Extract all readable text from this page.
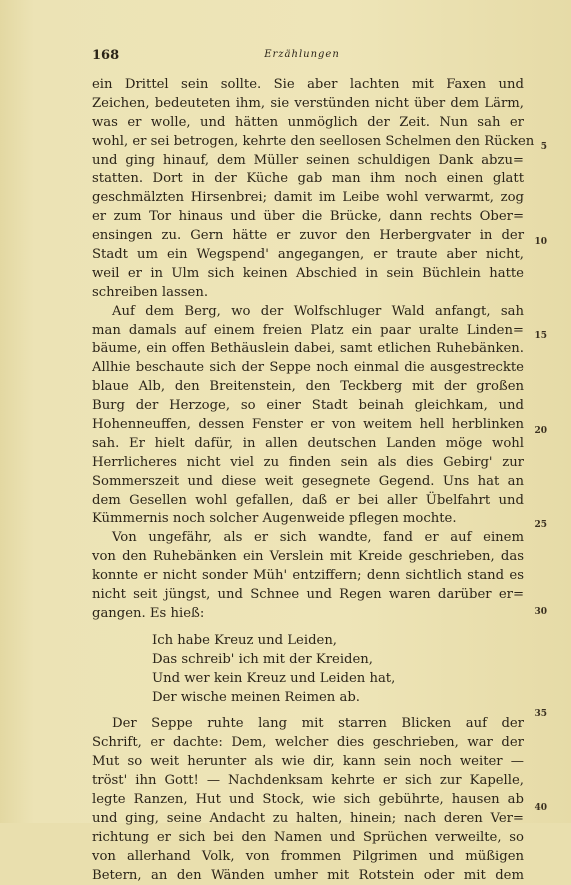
168	Erzählungen
ein Drittel sein sollte. Sie aber lachten mit Faxen und
Zeichen, bedeuteten ihm, sie verstünden nicht über dem Lärm,
was er wolle, und hätten unmöglich der Zeit. Nun sah er
wohl, er sei betrogen, kehrte den seellosen Schelmen den Rücken
und ging hinauf, dem Müller seinen schuldigen Dank abzu=
statten. Dort in der Küche gab man ihm noch einen glatt
geschmälzten Hirsenbrei; damit im Leibe wohl verwarmt, zog
er zum Tor hinaus und über die Brücke, dann rechts Ober=
ensingen zu. Gern hätte er zuvor den Herbergvater in der
Stadt um ein Wegspend' angegangen, er traute aber nicht,
weil er in Ulm sich keinen Abschied in sein Büchlein hatte
schreiben lassen.
Auf dem Berg, wo der Wolfschluger Wald anfangt, sah
man damals auf einem freien Platz ein paar uralte Linden=
bäume, ein offen Bethäuslein dabei, samt etlichen Ruhebänken.
Allhie beschaute sich der Seppe noch einmal die ausgestreckte
blaue Alb, den Breitenstein, den Teckberg mit der großen
Burg der Herzoge, so einer Stadt beinah gleichkam, und
Hohenneuffen, dessen Fenster er von weitem hell herblinken
sah. Er hielt dafür, in allen deutschen Landen möge wohl
Herrlicheres nicht viel zu finden sein als dies Gebirg' zur
Sommerszeit und diese weit gesegnete Gegend. Uns hat an
dem Gesellen wohl gefallen, daß er bei aller Übelfahrt und
Kümmernis noch solcher Augenweide pflegen mochte.
Von ungefähr, als er sich wandte, fand er auf einem
von den Ruhebänken ein Verslein mit Kreide geschrieben, das
konnte er nicht sonder Müh' entziffern; denn sichtlich stand es
nicht seit jüngst, und Schnee und Regen waren darüber er=
gangen. Es hieß:
Ich habe Kreuz und Leiden,
Das schreib' ich mit der Kreiden,
Und wer kein Kreuz und Leiden hat,
Der wische meinen Reimen ab.
Der Seppe ruhte lang mit starren Blicken auf der
Schrift, er dachte: Dem, welcher dies geschrieben, war der
Mut so weit herunter als wie dir, kann sein noch weiter —
tröst' ihn Gott! — Nachdenksam kehrte er sich zur Kapelle,
legte Ranzen, Hut und Stock, wie sich gebührte, hausen ab
und ging, seine Andacht zu halten, hinein; nach deren Ver=
richtung er sich bei den Namen und Sprüchen verweilte, so
von allerhand Volk, von frommen Pilgrimen und müßigen
Betern, an den Wänden umher mit Rotstein oder mit dem
5
10
15
20
25
30
35
40
